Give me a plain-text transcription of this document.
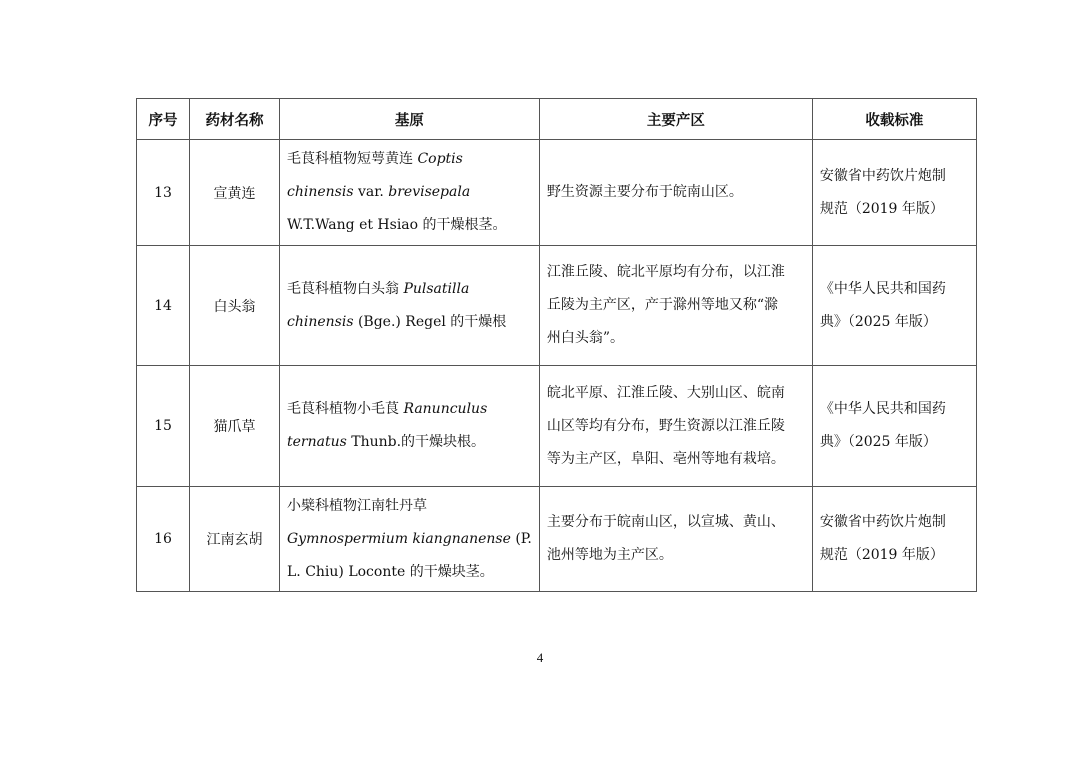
序号	药材名称	基原	主要产区	收载标准
13	宣黄连	毛茛科植物短萼黄连 Coptis
chinensis var. brevisepala
W.T.Wang et Hsiao 的干燥根茎。	野生资源主要分布于皖南山区。	安徽省中药饮片炮制
规范（2019 年版）

14	白头翁	毛茛科植物白头翁 Pulsatilla
chinensis (Bge.) Regel 的干燥根	江淮丘陵、皖北平原均有分布，以江淮
丘陵为主产区，产于滁州等地又称“滁
州白头翁”。	《中华人民共和国药
典》（2025 年版）

15	猫爪草	毛茛科植物小毛茛 Ranunculus
ternatus Thunb.的干燥块根。	皖北平原、江淮丘陵、大别山区、皖南
山区等均有分布，野生资源以江淮丘陵
等为主产区，阜阳、亳州等地有栽培。	《中华人民共和国药
典》（2025 年版）

16	江南玄胡	小檗科植物江南牡丹草
Gymnospermium kiangnanense (P.
L. Chiu) Loconte 的干燥块茎。	主要分布于皖南山区，以宣城、黄山、
池州等地为主产区。	安徽省中药饮片炮制
规范（2019 年版）
4
